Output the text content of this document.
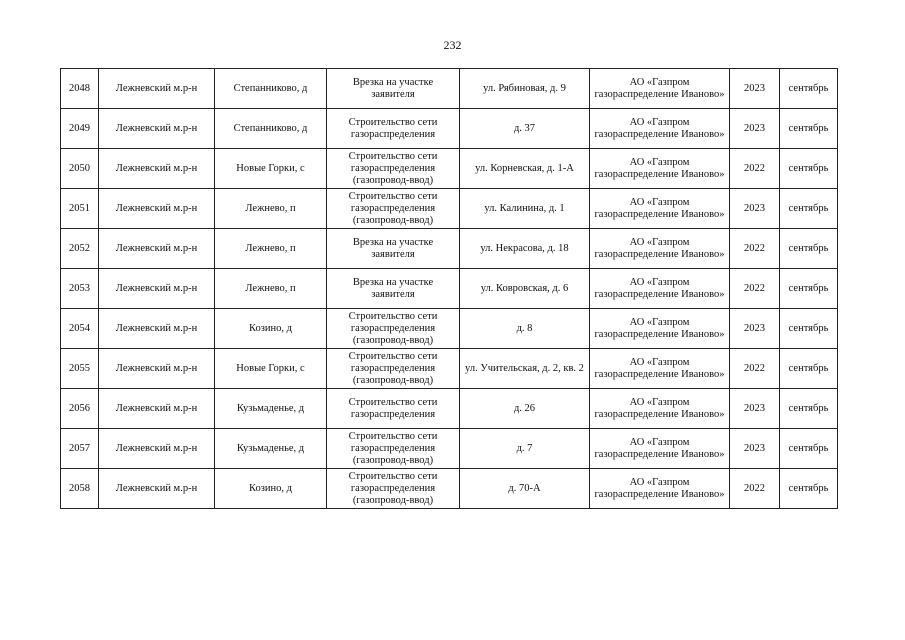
232
2048	Лежневский м.р-н	Степанниково, д	Врезка на участке заявителя	ул. Рябиновая, д. 9	АО «Газпром газораспределение Иваново»	2023	сентябрь
2049	Лежневский м.р-н	Степанниково, д	Строительство сети газораспределения	д. 37	АО «Газпром газораспределение Иваново»	2023	сентябрь
2050	Лежневский м.р-н	Новые Горки, с	Строительство сети газораспределения (газопровод-ввод)	ул. Корневская, д. 1-А	АО «Газпром газораспределение Иваново»	2022	сентябрь
2051	Лежневский м.р-н	Лежнево, п	Строительство сети газораспределения (газопровод-ввод)	ул. Калинина, д. 1	АО «Газпром газораспределение Иваново»	2023	сентябрь
2052	Лежневский м.р-н	Лежнево, п	Врезка на участке заявителя	ул. Некрасова, д. 18	АО «Газпром газораспределение Иваново»	2022	сентябрь
2053	Лежневский м.р-н	Лежнево, п	Врезка на участке заявителя	ул. Ковровская, д. 6	АО «Газпром газораспределение Иваново»	2022	сентябрь
2054	Лежневский м.р-н	Козино, д	Строительство сети газораспределения (газопровод-ввод)	д. 8	АО «Газпром газораспределение Иваново»	2023	сентябрь
2055	Лежневский м.р-н	Новые Горки, с	Строительство сети газораспределения (газопровод-ввод)	ул. Учительская, д. 2, кв. 2	АО «Газпром газораспределение Иваново»	2022	сентябрь
2056	Лежневский м.р-н	Кузьмаденье, д	Строительство сети газораспределения	д. 26	АО «Газпром газораспределение Иваново»	2023	сентябрь
2057	Лежневский м.р-н	Кузьмаденье, д	Строительство сети газораспределения (газопровод-ввод)	д. 7	АО «Газпром газораспределение Иваново»	2023	сентябрь
2058	Лежневский м.р-н	Козино, д	Строительство сети газораспределения (газопровод-ввод)	д. 70-А	АО «Газпром газораспределение Иваново»	2022	сентябрь
